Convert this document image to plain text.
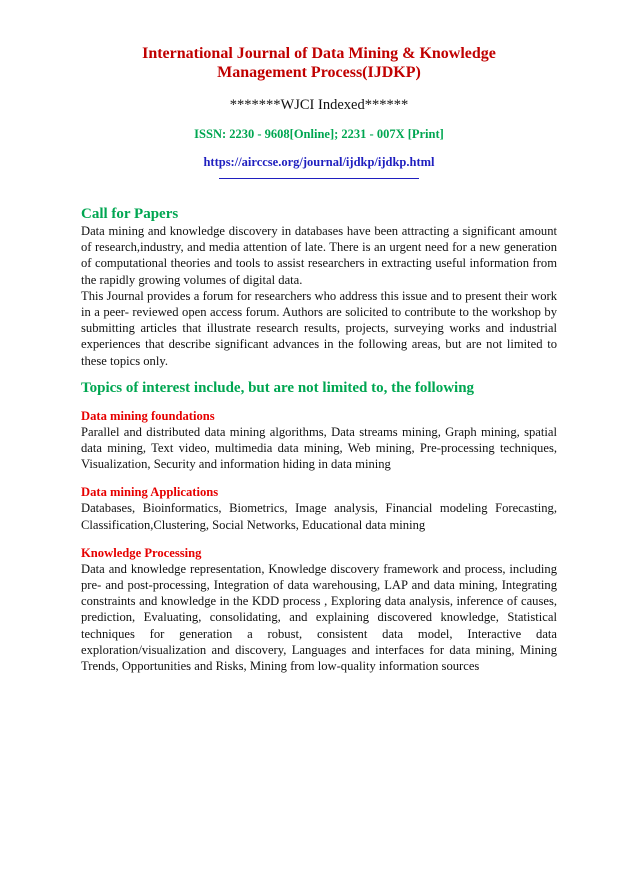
International Journal of Data Mining & Knowledge Management Process(IJDKP)
*******WJCI Indexed******
ISSN: 2230 - 9608[Online]; 2231 - 007X [Print]
https://airccse.org/journal/ijdkp/ijdkp.html
Call for Papers

Data mining and knowledge discovery in databases have been attracting a significant amount of research,industry, and media attention of late. There is an urgent need for a new generation of computational theories and tools to assist researchers in extracting useful information from the rapidly growing volumes of digital data.

This Journal provides a forum for researchers who address this issue and to present their work in a peer- reviewed open access forum. Authors are solicited to contribute to the workshop by submitting articles that illustrate research results, projects, surveying works and industrial experiences that describe significant advances in the following areas, but are not limited to these topics only.

Topics of interest include, but are not limited to, the following
Data mining foundations

Parallel and distributed data mining algorithms, Data streams mining, Graph mining, spatial data mining, Text video, multimedia data mining, Web mining, Pre-processing techniques, Visualization, Security and information hiding in data mining

Data mining Applications

Databases, Bioinformatics, Biometrics, Image analysis, Financial modeling Forecasting, Classification,Clustering, Social Networks, Educational data mining

Knowledge Processing

Data and knowledge representation, Knowledge discovery framework and process, including pre- and post-processing, Integration of data warehousing, LAP and data mining, Integrating constraints and knowledge in the KDD process , Exploring data analysis, inference of causes, prediction, Evaluating, consolidating, and explaining discovered knowledge, Statistical techniques for generation a robust, consistent data model, Interactive data exploration/visualization and discovery, Languages and interfaces for data mining, Mining Trends, Opportunities and Risks, Mining from low-quality information sources
